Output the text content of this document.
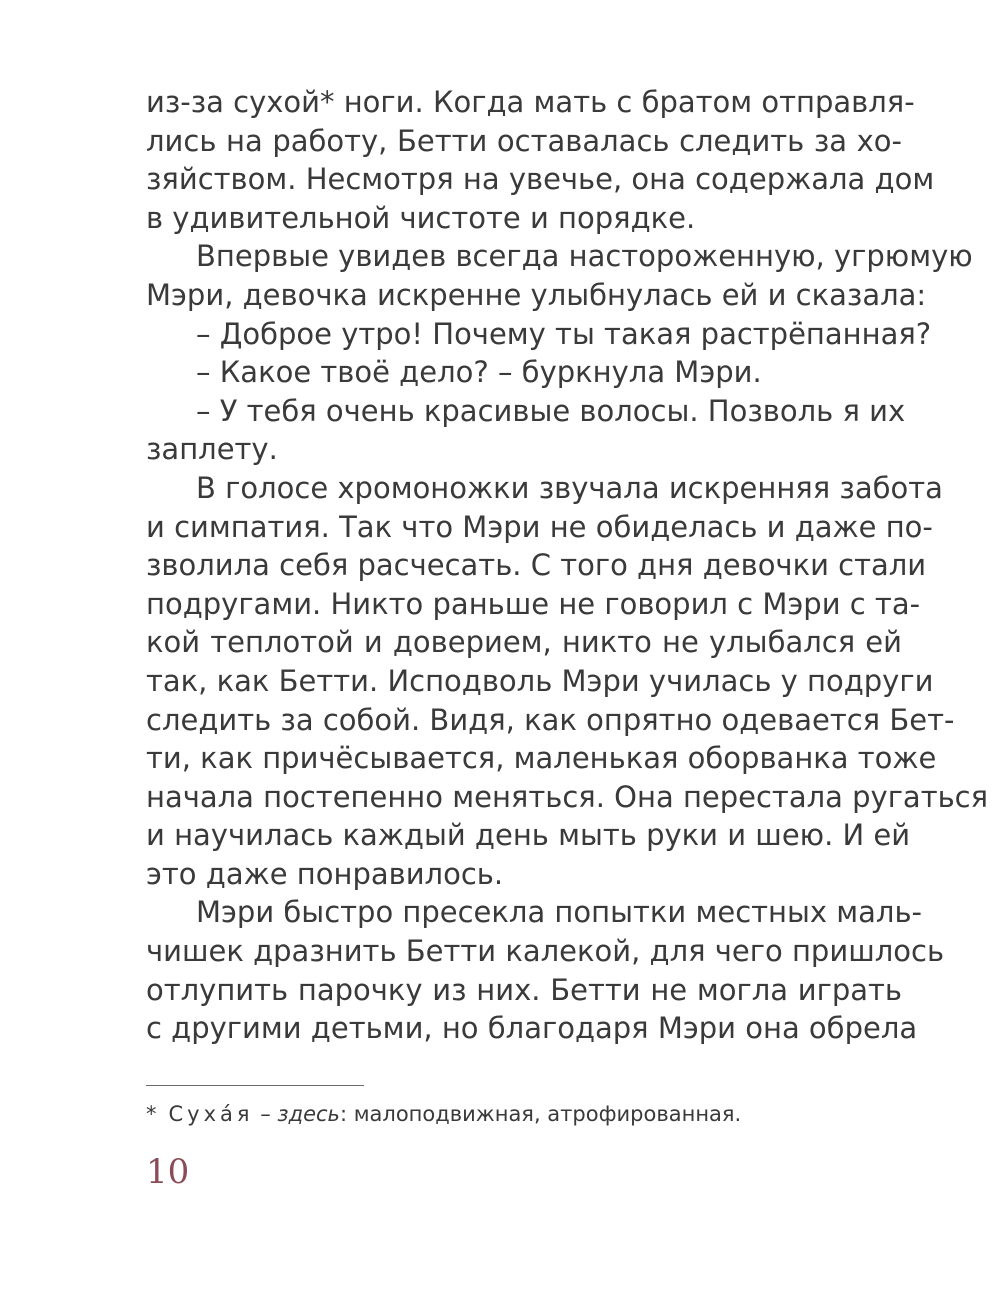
из-за сухой* ноги. Когда мать с братом отправля-
лись на работу, Бетти оставалась следить за хо-
зяйством. Несмотря на увечье, она содержала дом
в удивительной чистоте и порядке.
Впервые увидев всегда настороженную, угрюмую
Мэри, девочка искренне улыбнулась ей и сказала:
– Доброе утро! Почему ты такая растрёпанная?
– Какое твоё дело? – буркнула Мэри.
– У тебя очень красивые волосы. Позволь я их
заплету.
В голосе хромоножки звучала искренняя забота
и симпатия. Так что Мэри не обиделась и даже по-
зволила себя расчесать. С того дня девочки стали
подругами. Никто раньше не говорил с Мэри с та-
кой теплотой и доверием, никто не улыбался ей
так, как Бетти. Исподволь Мэри училась у подруги
следить за собой. Видя, как опрятно одевается Бет-
ти, как причёсывается, маленькая оборванка тоже
начала постепенно меняться. Она перестала ругаться
и научилась каждый день мыть руки и шею. И ей
это даже понравилось.
Мэри быстро пресекла попытки местных маль-
чишек дразнить Бетти калекой, для чего пришлось
отлупить парочку из них. Бетти не могла играть
с другими детьми, но благодаря Мэри она обрела
* Суха́я – здесь: малоподвижная, атрофированная.
10
